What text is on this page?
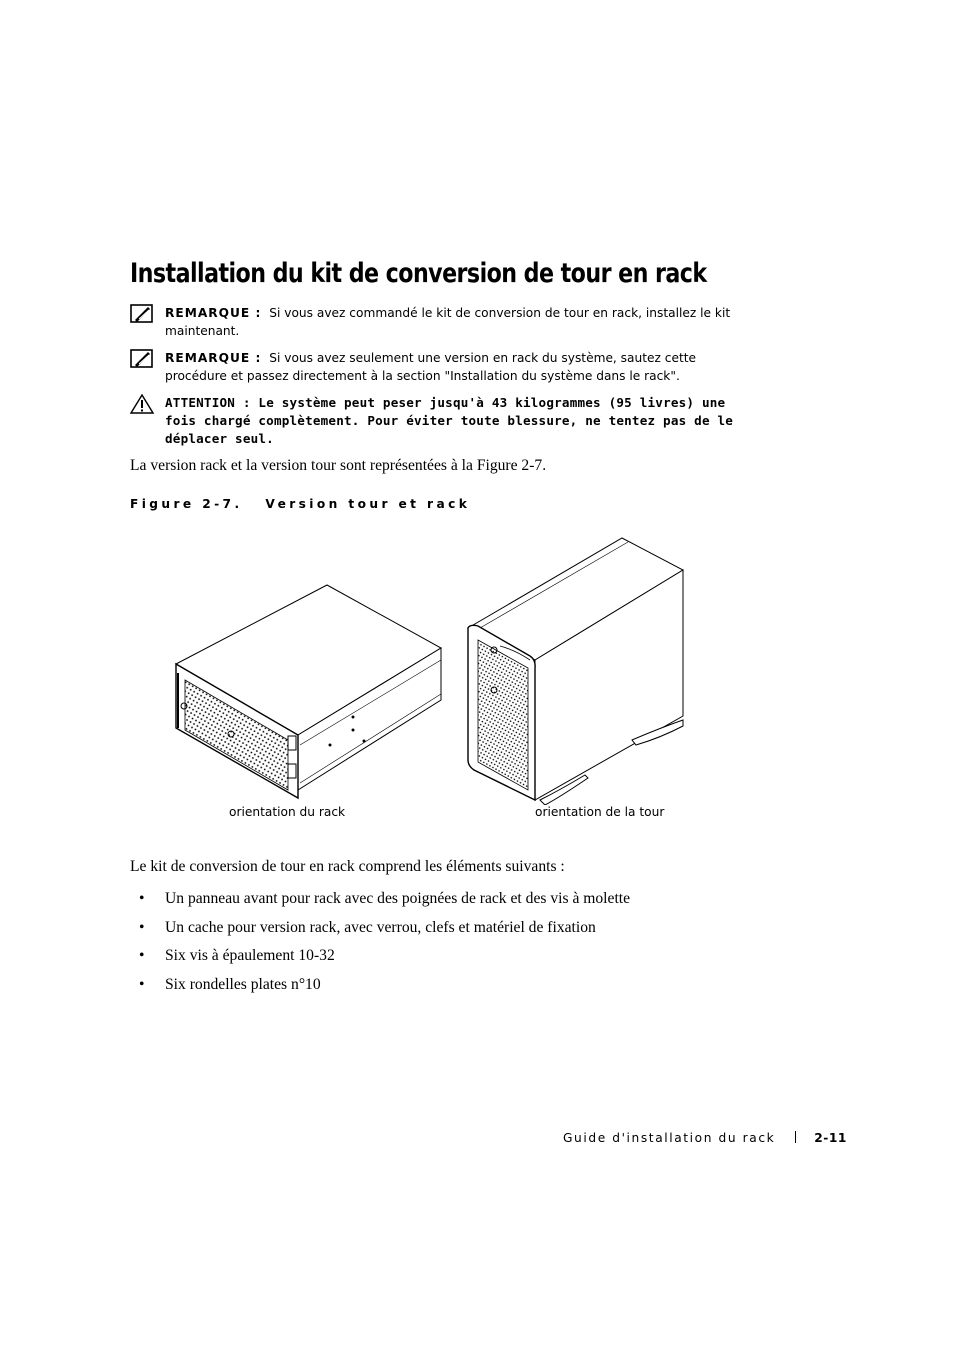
Installation du kit de conversion de tour en rack
REMARQUE : Si vous avez commandé le kit de conversion de tour en rack, installez le kit maintenant.
REMARQUE : Si vous avez seulement une version en rack du système, sautez cette procédure et passez directement à la section "Installation du système dans le rack".
ATTENTION : Le système peut peser jusqu'à 43 kilogrammes (95 livres) une fois chargé complètement. Pour éviter toute blessure, ne tentez pas de le déplacer seul.
La version rack et la version tour sont représentées à la Figure 2-7.
Figure 2-7.   Version tour et rack
orientation du rack	orientation de la tour
Le kit de conversion de tour en rack comprend les éléments suivants :
• Un panneau avant pour rack avec des poignées de rack et des vis à molette
• Un cache pour version rack, avec verrou, clefs et matériel de fixation
• Six vis à épaulement 10-32
• Six rondelles plates n°10
Guide d'installation du rack	2-11
